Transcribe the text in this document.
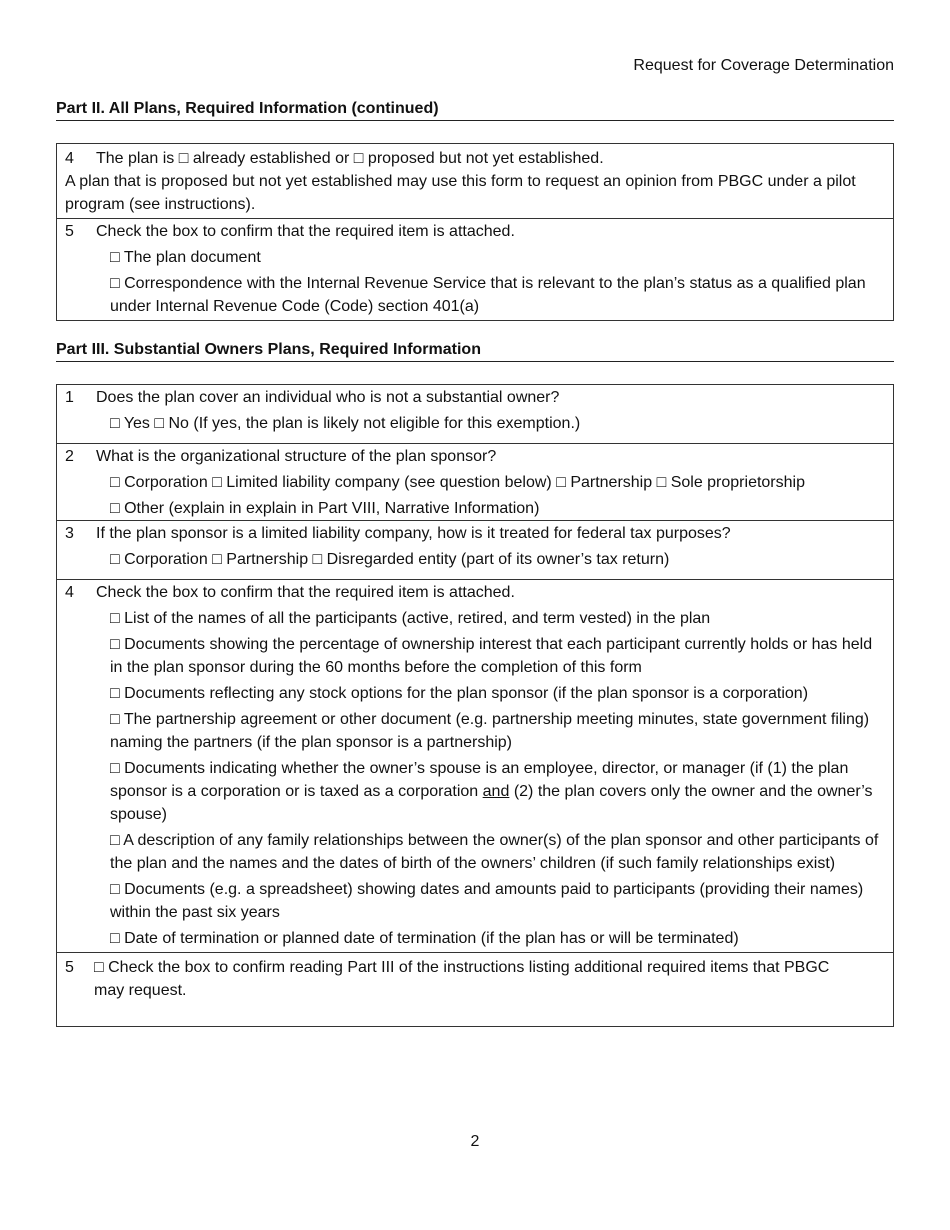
Request for Coverage Determination
Part II. All Plans, Required Information (continued)
4 The plan is □ already established or □ proposed but not yet established.
A plan that is proposed but not yet established may use this form to request an opinion from PBGC under a pilot program (see instructions).
5 Check the box to confirm that the required item is attached.
□ The plan document
□ Correspondence with the Internal Revenue Service that is relevant to the plan’s status as a qualified plan under Internal Revenue Code (Code) section 401(a)
Part III. Substantial Owners Plans, Required Information
1 Does the plan cover an individual who is not a substantial owner?
□ Yes □ No (If yes, the plan is likely not eligible for this exemption.)
2 What is the organizational structure of the plan sponsor?
□ Corporation □ Limited liability company (see question below) □ Partnership □ Sole proprietorship
□ Other (explain in explain in Part VIII, Narrative Information)
3 If the plan sponsor is a limited liability company, how is it treated for federal tax purposes?
□ Corporation □ Partnership □ Disregarded entity (part of its owner’s tax return)
4 Check the box to confirm that the required item is attached.
□ List of the names of all the participants (active, retired, and term vested) in the plan
□ Documents showing the percentage of ownership interest that each participant currently holds or has held in the plan sponsor during the 60 months before the completion of this form
□ Documents reflecting any stock options for the plan sponsor (if the plan sponsor is a corporation)
□ The partnership agreement or other document (e.g. partnership meeting minutes, state government filing) naming the partners (if the plan sponsor is a partnership)
□ Documents indicating whether the owner’s spouse is an employee, director, or manager (if (1) the plan sponsor is a corporation or is taxed as a corporation and (2) the plan covers only the owner and the owner’s spouse)
□ A description of any family relationships between the owner(s) of the plan sponsor and other participants of the plan and the names and the dates of birth of the owners’ children (if such family relationships exist)
□ Documents (e.g. a spreadsheet) showing dates and amounts paid to participants (providing their names) within the past six years
□ Date of termination or planned date of termination (if the plan has or will be terminated)
5	□ Check the box to confirm reading Part III of the instructions listing additional required items that PBGC may request.
2
